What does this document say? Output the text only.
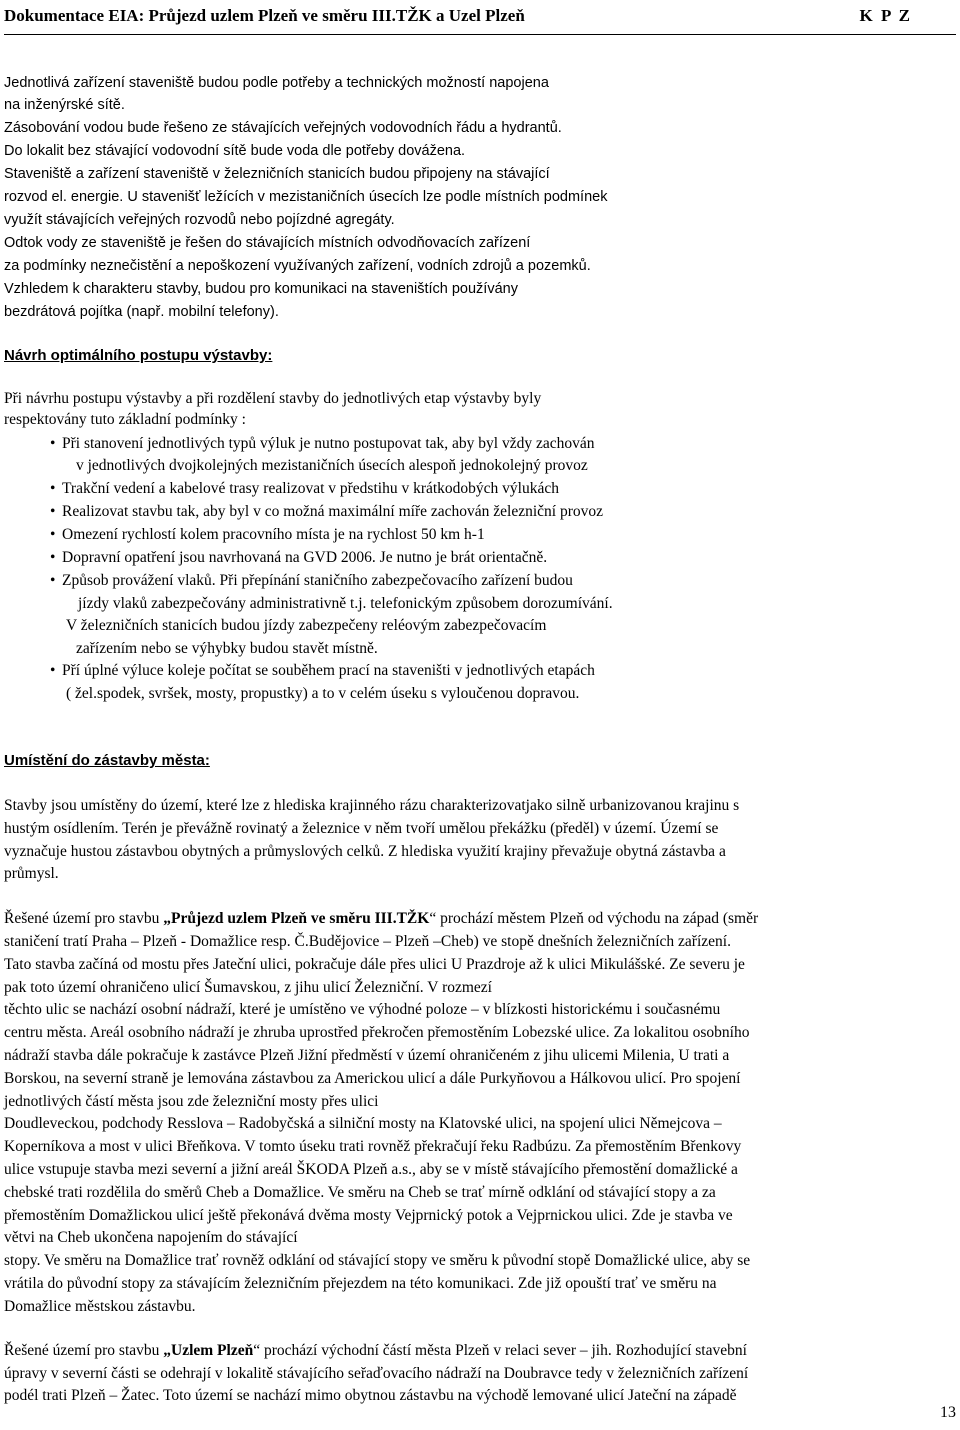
Dokumentace EIA: Průjezd uzlem Plzeň ve směru III.TŽK a Uzel Plzeň	K P Z
Jednotlivá zařízení staveniště budou podle potřeby a technických možností napojena
na inženýrské sítě.
Zásobování vodou bude řešeno ze stávajících veřejných vodovodních řádu a hydrantů.
Do lokalit bez stávající vodovodní sítě bude voda dle potřeby dovážena.
Staveniště a zařízení staveniště v železničních stanicích budou připojeny na stávající
rozvod el. energie. U stavenišť ležících v mezistaničních úsecích lze podle místních podmínek
využít stávajících veřejných rozvodů nebo pojízdné agregáty.
Odtok vody ze staveniště je řešen do stávajících místních odvodňovacích zařízení
za podmínky neznečistění a nepoškození využívaných zařízení, vodních zdrojů a pozemků.
Vzhledem k charakteru stavby, budou pro komunikaci na staveništích používány
bezdrátová pojítka (např. mobilní telefony).
Návrh optimálního postupu výstavby:
Při návrhu postupu výstavby a při rozdělení stavby do jednotlivých etap výstavby byly
respektovány tuto základní podmínky :
• Při stanovení jednotlivých typů výluk je nutno postupovat tak, aby byl vždy zachován
v jednotlivých dvojkolejných mezistaničních úsecích alespoň jednokolejný provoz
• Trakční vedení a kabelové trasy realizovat v předstihu v krátkodobých výlukách
• Realizovat stavbu tak, aby byl v co možná maximální míře zachován železniční provoz
• Omezení rychlostí kolem pracovního místa je na rychlost 50 km h-1
• Dopravní opatření jsou navrhovaná na GVD 2006. Je nutno je brát orientačně.
• Způsob provážení vlaků. Při přepínání staničního zabezpečovacího zařízení budou
jízdy vlaků zabezpečovány administrativně t.j. telefonickým způsobem dorozumívání.
V železničních stanicích budou jízdy zabezpečeny reléovým zabezpečovacím
zařízením nebo se výhybky budou stavět místně.
• Pří úplné výluce koleje počítat se souběhem prací na staveništi v jednotlivých etapách
( žel.spodek, svršek, mosty, propustky) a to v celém úseku s vyloučenou dopravou.
Umístění do zástavby města:
Stavby jsou umístěny do území, které lze z hlediska krajinného rázu charakterizovatjako silně urbanizovanou krajinu s
hustým osídlením. Terén je převážně rovinatý a železnice v něm tvoří umělou překážku (předěl) v území. Území se
vyznačuje hustou zástavbou obytných a průmyslových celků. Z hlediska využití krajiny převažuje obytná zástavba a
průmysl.
Řešené území pro stavbu „Průjezd uzlem Plzeň ve směru III.TŽK“ prochází městem Plzeň od východu na západ (směr
staničení tratí Praha – Plzeň - Domažlice resp. Č.Budějovice – Plzeň –Cheb) ve stopě dnešních železničních zařízení.
Tato stavba začíná od mostu přes Jateční ulici, pokračuje dále přes ulici U Prazdroje až k ulici Mikulášské. Ze severu je
pak toto území ohraničeno ulicí Šumavskou, z jihu ulicí Železniční. V rozmezí
těchto ulic se nachází osobní nádraží, které je umístěno ve výhodné poloze – v blízkosti historickému i současnému
centru města. Areál osobního nádraží je zhruba uprostřed překročen přemostěním Lobezské ulice. Za lokalitou osobního
nádraží stavba dále pokračuje k zastávce Plzeň Jižní předměstí v území ohraničeném z jihu ulicemi Milenia, U trati a
Borskou, na severní straně je lemována zástavbou za Americkou ulicí a dále Purkyňovou a Hálkovou ulicí. Pro spojení
jednotlivých částí města jsou zde železniční mosty přes ulici
Doudleveckou, podchody Resslova – Radobyčská a silniční mosty na Klatovské ulici, na spojení ulici Němejcova –
Koperníkova a most v ulici Břeňkova. V tomto úseku trati rovněž překračují řeku Radbúzu. Za přemostěním Břenkovy
ulice vstupuje stavba mezi severní a jižní areál ŠKODA Plzeň a.s., aby se v místě stávajícího přemostění domažlické a
chebské trati rozdělila do směrů Cheb a Domažlice. Ve směru na Cheb se trať mírně odklání od stávající stopy a za
přemostěním Domažlickou ulicí ještě překonává dvěma mosty Vejprnický potok a Vejprnickou ulici. Zde je stavba ve
větvi na Cheb ukončena napojením do stávající
stopy. Ve směru na Domažlice trať rovněž odklání od stávající stopy ve směru k původní stopě Domažlické ulice, aby se
vrátila do původní stopy za stávajícím železničním přejezdem na této komunikaci. Zde již opouští trať ve směru na
Domažlice městskou zástavbu.
Řešené území pro stavbu „Uzlem Plzeň“ prochází východní částí města Plzeň v relaci sever – jih. Rozhodující stavební
úpravy v severní části se odehrají v lokalitě stávajícího seřaďovacího nádraží na Doubravce tedy v železničních zařízení
podél trati Plzeň – Žatec. Toto území se nachází mimo obytnou zástavbu na východě lemované ulicí Jateční na západě
13
